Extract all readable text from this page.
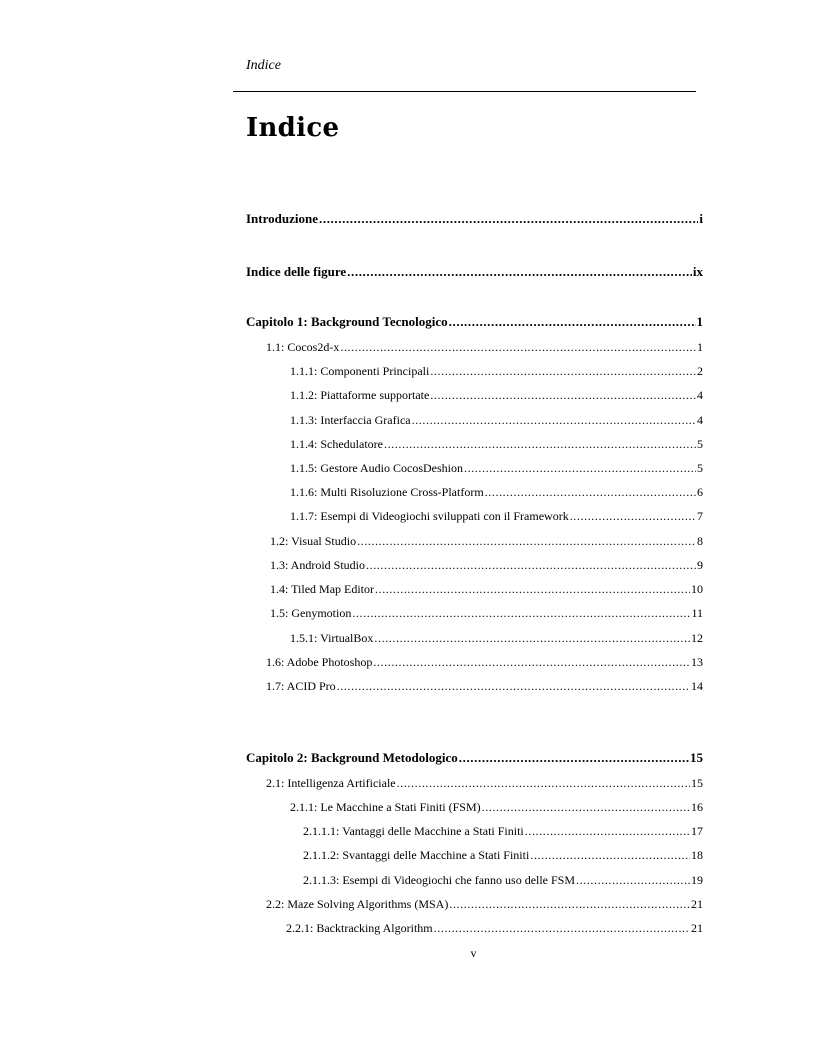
Indice
Indice
Introduzione .....	i
Indice delle figure .....	ix
Capitolo 1: Background Tecnologico .....	1
1.1: Cocos2d-x .....	1
1.1.1: Componenti Principali .....	2
1.1.2: Piattaforme supportate .....	4
1.1.3: Interfaccia Grafica .....	4
1.1.4: Schedulatore .....	5
1.1.5: Gestore Audio CocosDeshion .....	5
1.1.6: Multi Risoluzione Cross-Platform .....	6
1.1.7: Esempi di Videogiochi sviluppati con il Framework .....	7
1.2: Visual Studio .....	8
1.3: Android Studio .....	9
1.4: Tiled Map Editor .....	10
1.5: Genymotion .....	11
1.5.1: VirtualBox .....	12
1.6: Adobe Photoshop .....	13
1.7: ACID Pro .....	14
Capitolo 2: Background Metodologico .....	15
2.1: Intelligenza Artificiale .....	15
2.1.1: Le Macchine a Stati Finiti (FSM) .....	16
2.1.1.1: Vantaggi delle Macchine a Stati Finiti .....	17
2.1.1.2: Svantaggi delle Macchine a Stati Finiti .....	18
2.1.1.3: Esempi di Videogiochi che fanno uso delle FSM .....	19
2.2: Maze Solving Algorithms (MSA) .....	21
2.2.1: Backtracking Algorithm .....	21
v
